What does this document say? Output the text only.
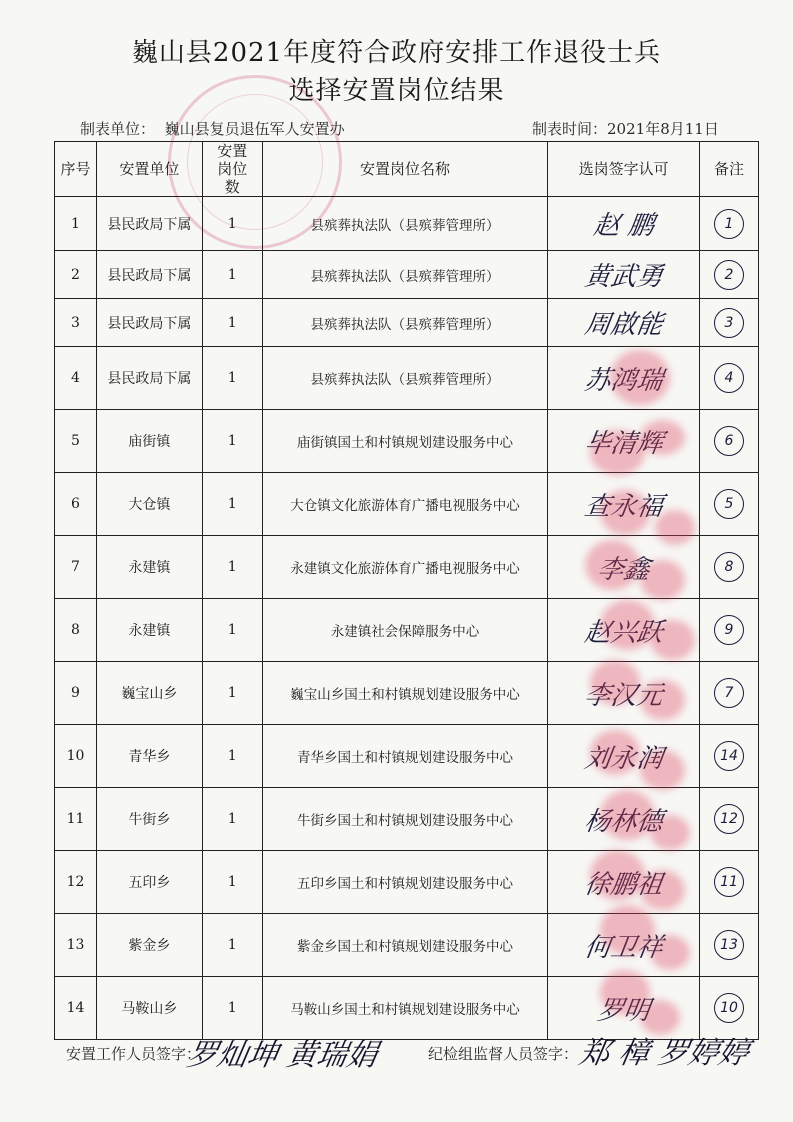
巍山县2021年度符合政府安排工作退役士兵
选择安置岗位结果
制表单位： 巍山县复员退伍军人安置办	制表时间：2021年8月11日
序号	安置单位	安置岗位数	安置岗位名称	选岗签字认可	备注
1	县民政局下属	1	县殡葬执法队（县殡葬管理所）	赵 鹏	1
2	县民政局下属	1	县殡葬执法队（县殡葬管理所）	黄武勇	2
3	县民政局下属	1	县殡葬执法队（县殡葬管理所）	周啟能	3
4	县民政局下属	1	县殡葬执法队（县殡葬管理所）	苏鸿瑞	4
5	庙街镇	1	庙街镇国土和村镇规划建设服务中心	毕清辉	6
6	大仓镇	1	大仓镇文化旅游体育广播电视服务中心	查永福	5
7	永建镇	1	永建镇文化旅游体育广播电视服务中心	李鑫	8
8	永建镇	1	永建镇社会保障服务中心	赵兴跃	9
9	巍宝山乡	1	巍宝山乡国土和村镇规划建设服务中心	李汉元	7
10	青华乡	1	青华乡国土和村镇规划建设服务中心	刘永润	14
11	牛街乡	1	牛街乡国土和村镇规划建设服务中心	杨林德	12
12	五印乡	1	五印乡国土和村镇规划建设服务中心	徐鹏祖	11
13	紫金乡	1	紫金乡国土和村镇规划建设服务中心	何卫祥	13
14	马鞍山乡	1	马鞍山乡国土和村镇规划建设服务中心	罗明	10
安置工作人员签字：
罗灿坤 黄瑞娟	纪检组监督人员签字：
郑 樟 罗婷婷
